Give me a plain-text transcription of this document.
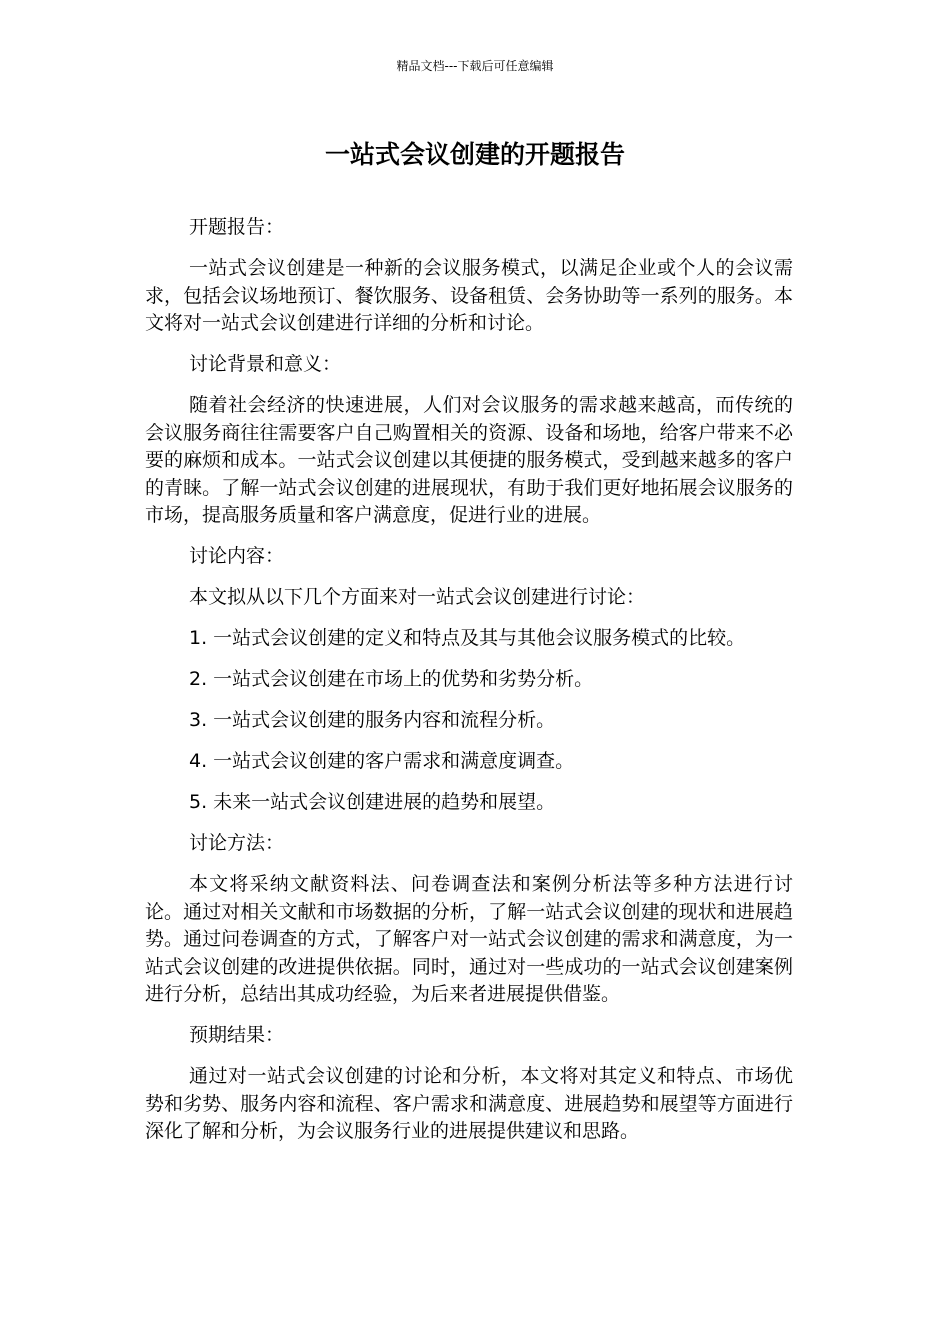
精品文档---下载后可任意编辑
一站式会议创建的开题报告

开题报告：

一站式会议创建是一种新的会议服务模式，以满足企业或个人的会议需求，包括会议场地预订、餐饮服务、设备租赁、会务协助等一系列的服务。本文将对一站式会议创建进行详细的分析和讨论。

讨论背景和意义：

随着社会经济的快速进展，人们对会议服务的需求越来越高，而传统的会议服务商往往需要客户自己购置相关的资源、设备和场地，给客户带来不必要的麻烦和成本。一站式会议创建以其便捷的服务模式，受到越来越多的客户的青睐。了解一站式会议创建的进展现状，有助于我们更好地拓展会议服务的市场，提高服务质量和客户满意度，促进行业的进展。

讨论内容：

本文拟从以下几个方面来对一站式会议创建进行讨论：

1. 一站式会议创建的定义和特点及其与其他会议服务模式的比较。

2. 一站式会议创建在市场上的优势和劣势分析。

3. 一站式会议创建的服务内容和流程分析。

4. 一站式会议创建的客户需求和满意度调查。

5. 未来一站式会议创建进展的趋势和展望。

讨论方法：

本文将采纳文献资料法、问卷调查法和案例分析法等多种方法进行讨论。通过对相关文献和市场数据的分析，了解一站式会议创建的现状和进展趋势。通过问卷调查的方式，了解客户对一站式会议创建的需求和满意度，为一站式会议创建的改进提供依据。同时，通过对一些成功的一站式会议创建案例进行分析，总结出其成功经验，为后来者进展提供借鉴。

预期结果：

通过对一站式会议创建的讨论和分析，本文将对其定义和特点、市场优势和劣势、服务内容和流程、客户需求和满意度、进展趋势和展望等方面进行深化了解和分析，为会议服务行业的进展提供建议和思路。
